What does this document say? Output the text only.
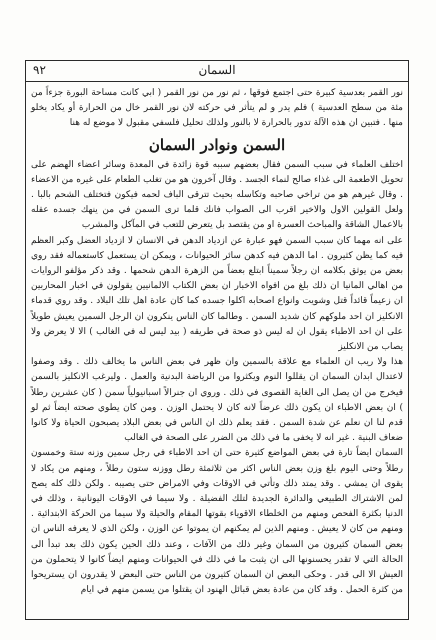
٩٢	السمان

نور القمر بعدسية كبيرة حتى اجتمع فوقها ، ثم نور من نور القمر ( ابي كانت مساحة البورة جزءاً من مئة من سطح العدسية ) فلم يدر و لم يتأثر في حركته لان نور القمر خال من الحرارة أو يكاد يخلو منها . فتبين ان هذه الآلة تدور بالحرارة لا بالنور ولذلك تحليل فلسفي مقبول لا موضع له هنا

السمن ونوادر السمان

اختلف العلماء في سبب السمن فقال بعضهم سببه قوة زائدة في المعدة وسائر اعضاء الهضم على تحويل الاطعمة الى غذاء صالح لنماء الجسد . وقال آخرون هو من تغلب الطعام على غيره من الاعضاء . وقال غيرهم هو من تراخي صاحبه وتكاسله بحيث تترقى الباف لحمه فيكون فتختلف الشحم بالبا . ولعل القولين الاول والاخير اقرب الى الصواب فانك قلما ترى السمن في من ينهك جسده عقله بالاعمال الشاقة والمباحث العسرة او من يقتصد بل يتعرض للتعب في المآكل والمشرب

على انه مهما كان سبب السمن فهو عبارة عن ازدياد الدهن في الانسان لا ازدياد العضل وكبر العظم فيه كما يظن كثيرون . اما الدهن فيه كدهن سائر الحيوانات ، ويمكن ان يستعمل كاستعماله فقد روي بعض من يوثق بكلامه ان رجلاً سميناً ابتلع بعضاً من الزهرة الدهن شحمها . وقد ذكر مؤلفو الروايات من اهالي المانيا ان ذلك بلغ من افواه الاخبار ان بعض الكتاب الالمانيين يقولون في اخبار المحاربين ان زعيماً قائداً قتل وشويت وانواع اصحابه اكلوا جسده كما كان عادة اهل تلك البلاد . وقد روي قدماء الانكليز ان احد ملوكهم كان شديد السمن . وطالما كان الناس ينكرون ان الرجل السمين يعيش طويلاً على ان احد الاطباء يقول ان له ليس ذو صحة في طريقه ( بيد ليس له في الغالب ) الا لا يعرض ولا يصاب من الانكليز

هذا ولا ريب ان العلماء مع علاقة بالسمين وان ظهر في بعض الناس ما يخالف ذلك . وقد وصفوا لاعتدال ابدان السمان ان يقللوا النوم ويكثروا من الرياضة البدنية والعمل . وليرغب الانكليز بالسمن فيخرج من ان يصل الى الغاية القصوى في ذلك . وروي ان جنرالاً اسبانيولياً سمن ( كان عشرين رطلاً ) ان بعض الاطباء ان يكون ذلك عرضاً لانه كان لا يحتمل الوزن . ومن كان يطوي صحته ايضاً ثم لو قدم لنا ان نعلم عن شدة السمن . فقد يعلم ذلك ان الناس في بعض البلاد يصبحون الحياة ولا كانوا ضعاف البنية . غير انه لا يخفى ما في ذلك من الضرر على الصحة في الغالب

السمان ايضاً تارة في بعض المواضع كثيرة حتى ان احد الاطباء في رجل سمين وزنه ستة وخمسون رطلاً وحتى اليوم بلغ وزن بعض الناس اكثر من ثلاثمئة رطل ووزنه ستون رطلاً ، ومنهم من يكاد لا يقوى ان يمشي . وقد يمتد ذلك وتأتي في الاوقات وفي الامراض حتى يصيبه . ولكن ذلك كله يصح لمن الاشتراك الطبيعي والدائرة الجديدة لتلك الفضيلة . ولا سيما في الاوقات اليونانية ، وذلك في الدنيا بكثرة الفحص ومنهم من الخلطاء الاقوياء بقوتها المقام والحيلة ولا سيما من الحركة الابتدائية . ومنهم من كان لا يعيش . ومنهم الذين لم يمكنهم ان يموتوا عن الوزن ، ولكن الذي لا يعرفه الناس ان بعض السمان كثيرون من السمان وغير ذلك من الآفات ، وعند ذلك الحين يكون ذلك بعد تبدأ الى الحالة التي لا تقدر يحسنونها الى ان يثبت ما في ذلك في الحيوانات ومنهم ايضاً كانوا لا يتحملون من العيش الا الى قدر . وحكى البعض ان السمان كثيرون من الناس حتى البعض لا يقدرون ان يستريحوا من كثرة الحمل . وقد كان من عادة بعض قبائل الهنود ان يقتلوا من يسمن منهم في ايام
